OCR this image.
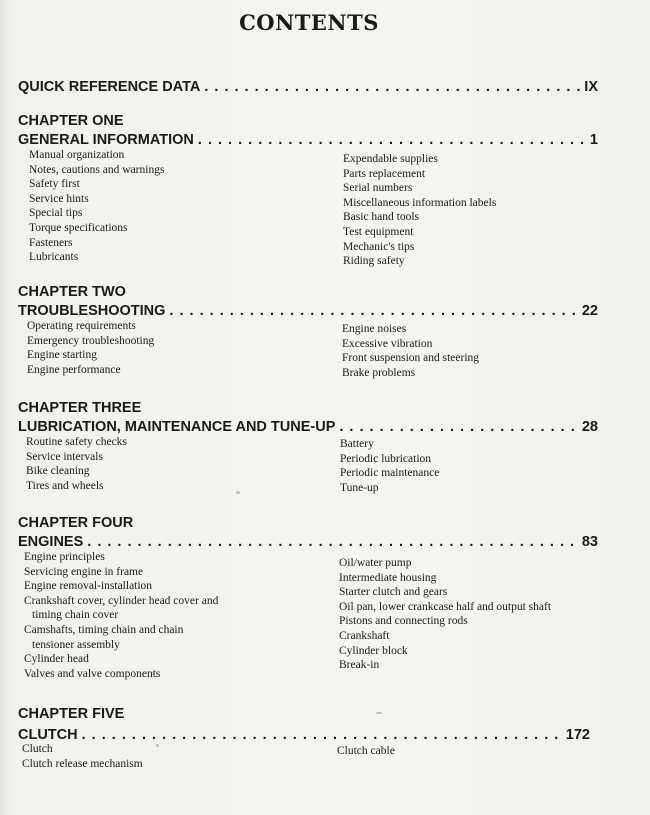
CONTENTS
QUICK REFERENCE DATA . . .	IX
CHAPTER ONE
GENERAL INFORMATION . . .	1
Manual organization
Notes, cautions and warnings
Safety first
Service hints
Special tips
Torque specifications
Fasteners
Lubricants
Expendable supplies
Parts replacement
Serial numbers
Miscellaneous information labels
Basic hand tools
Test equipment
Mechanic's tips
Riding safety
CHAPTER TWO
TROUBLESHOOTING . . .	22
Operating requirements
Emergency troubleshooting
Engine starting
Engine performance
Engine noises
Excessive vibration
Front suspension and steering
Brake problems
CHAPTER THREE
LUBRICATION, MAINTENANCE AND TUNE-UP . . .	28
Routine safety checks
Service intervals
Bike cleaning
Tires and wheels
Battery
Periodic lubrication
Periodic maintenance
Tune-up
CHAPTER FOUR
ENGINES . . .	83
Engine principles
Servicing engine in frame
Engine removal-installation
Crankshaft cover, cylinder head cover and
timing chain cover
Camshafts, timing chain and chain
tensioner assembly
Cylinder head
Valves and valve components
Oil/water pump
Intermediate housing
Starter clutch and gears
Oil pan, lower crankcase half and output shaft
Pistons and connecting rods
Crankshaft
Cylinder block
Break-in
CHAPTER FIVE
CLUTCH . . .	172
Clutch
Clutch release mechanism
Clutch cable
